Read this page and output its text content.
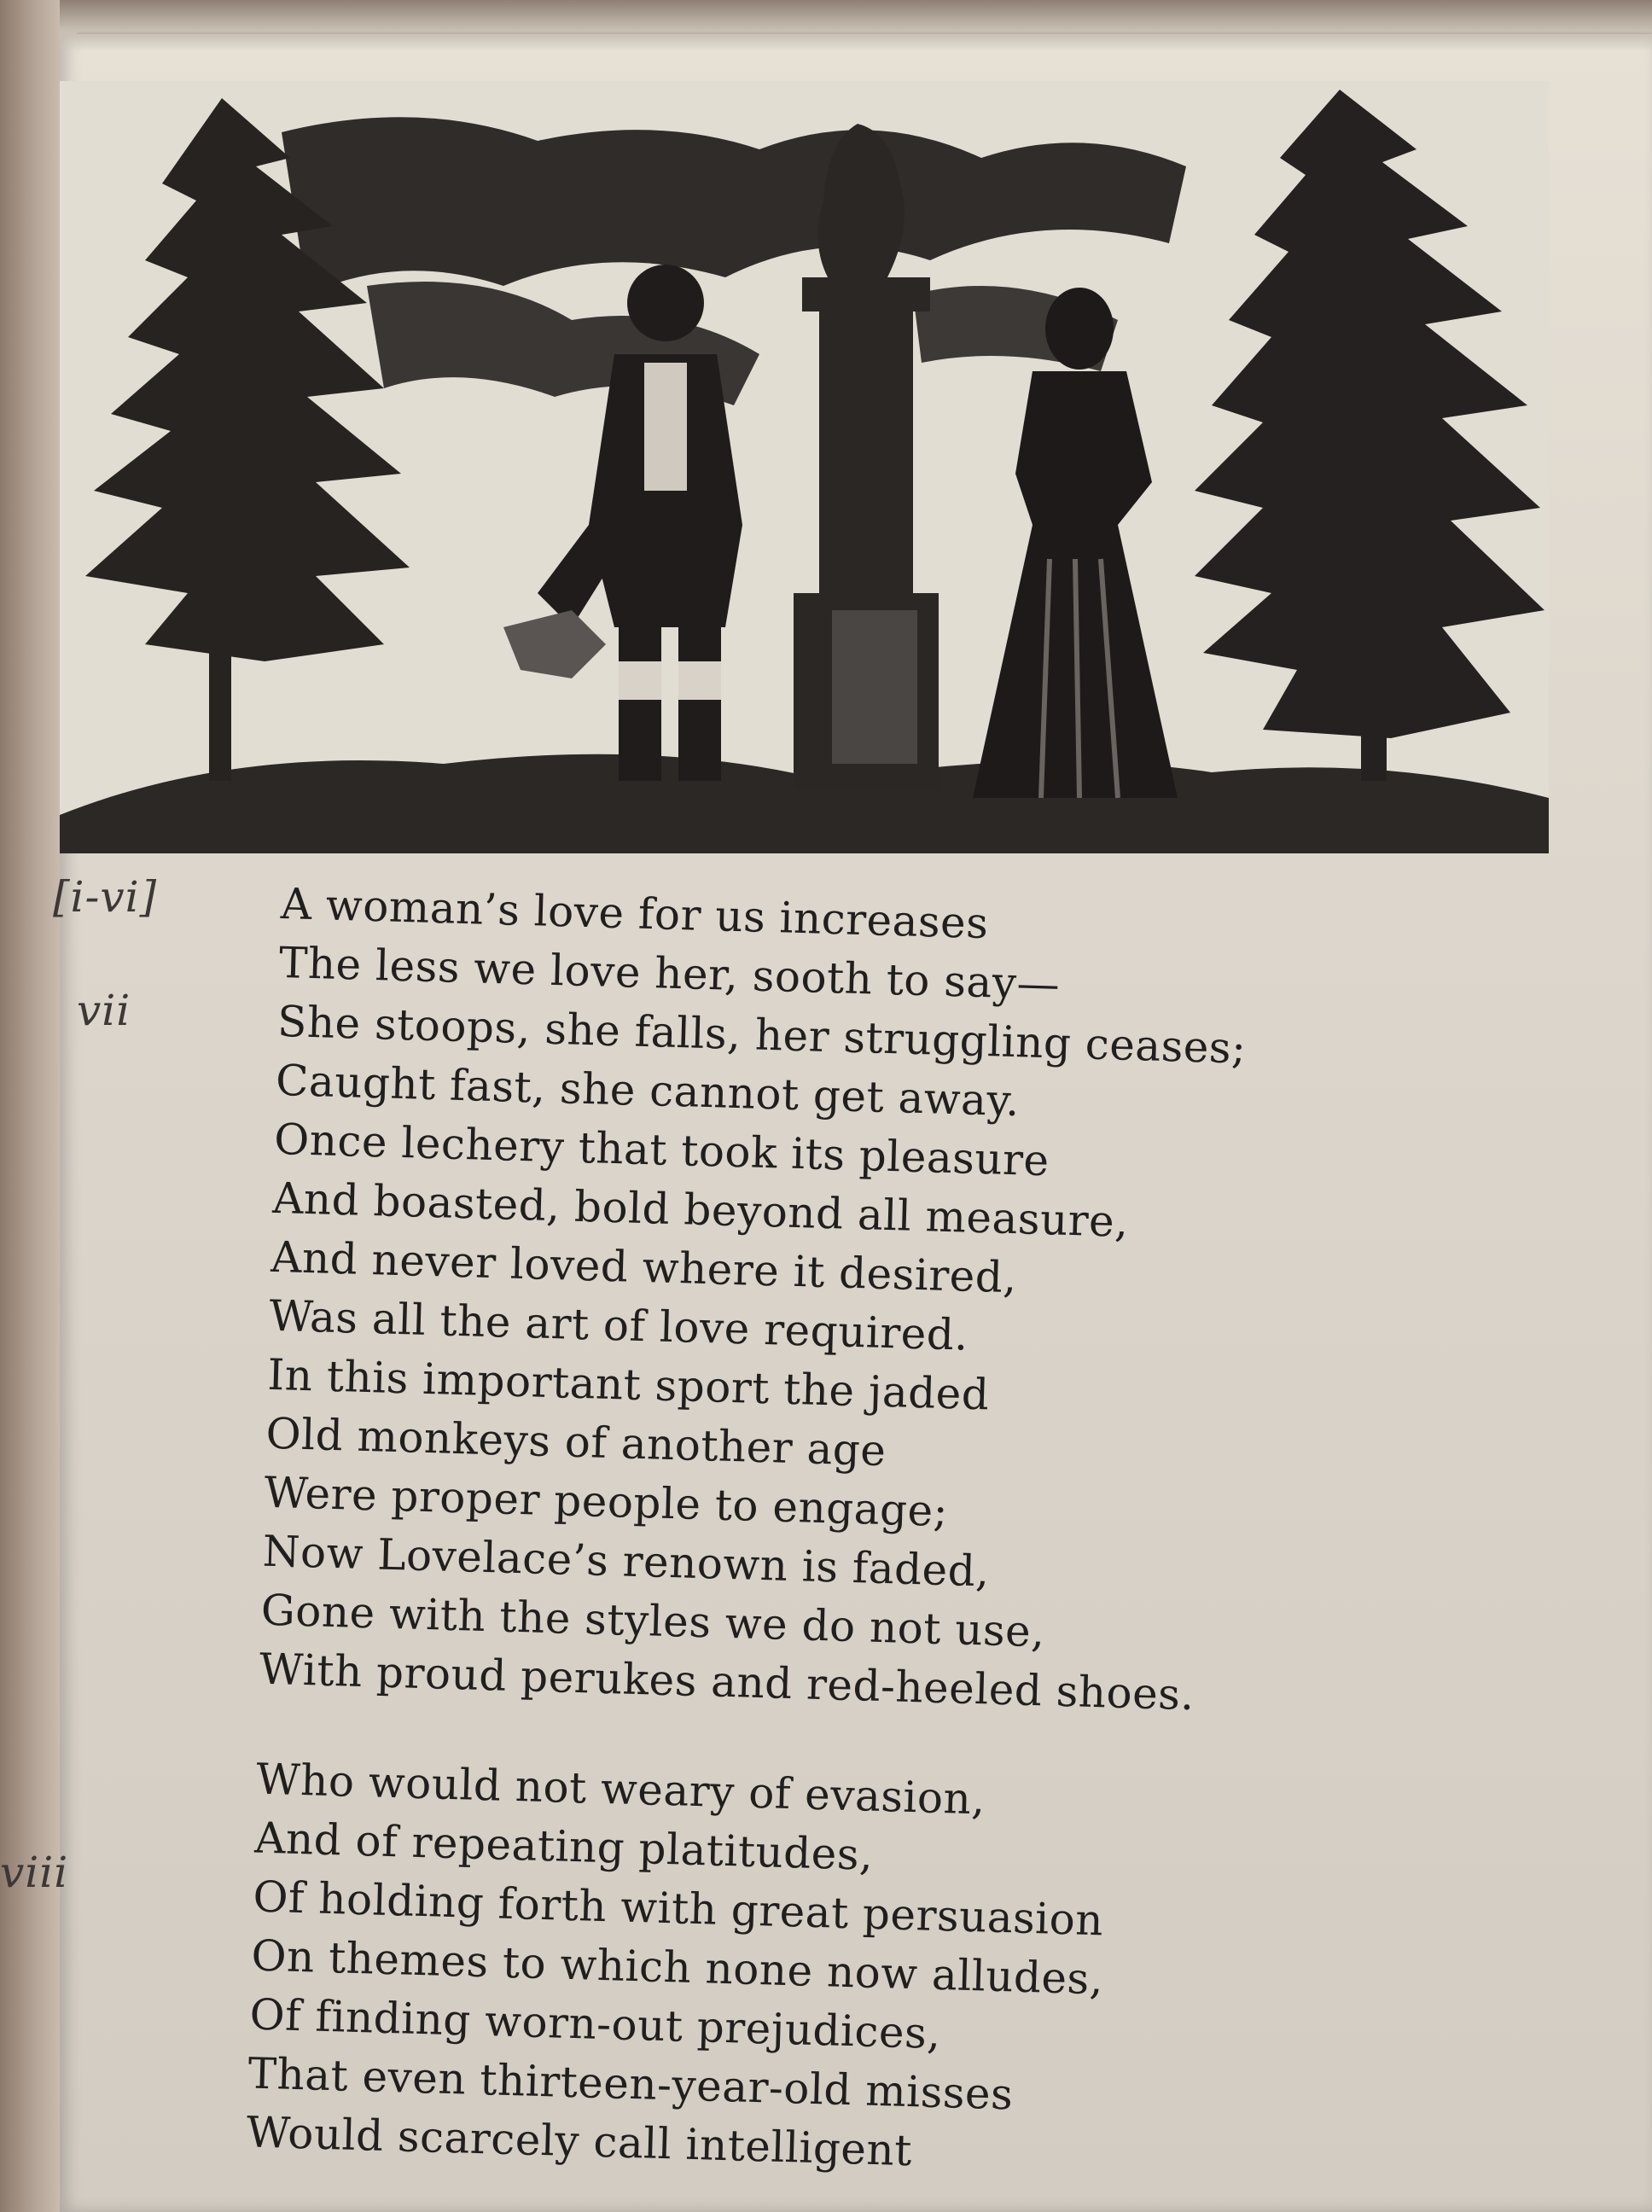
[i-vi]
vii
viii
A woman’s love for us increases
The less we love her, sooth to say—
She stoops, she falls, her struggling ceases;
Caught fast, she cannot get away.
Once lechery that took its pleasure
And boasted, bold beyond all measure,
And never loved where it desired,
Was all the art of love required.
In this important sport the jaded
Old monkeys of another age
Were proper people to engage;
Now Lovelace’s renown is faded,
Gone with the styles we do not use,
With proud perukes and red-heeled shoes.
Who would not weary of evasion,
And of repeating platitudes,
Of holding forth with great persuasion
On themes to which none now alludes,
Of finding worn-out prejudices,
That even thirteen-year-old misses
Would scarcely call intelligent
